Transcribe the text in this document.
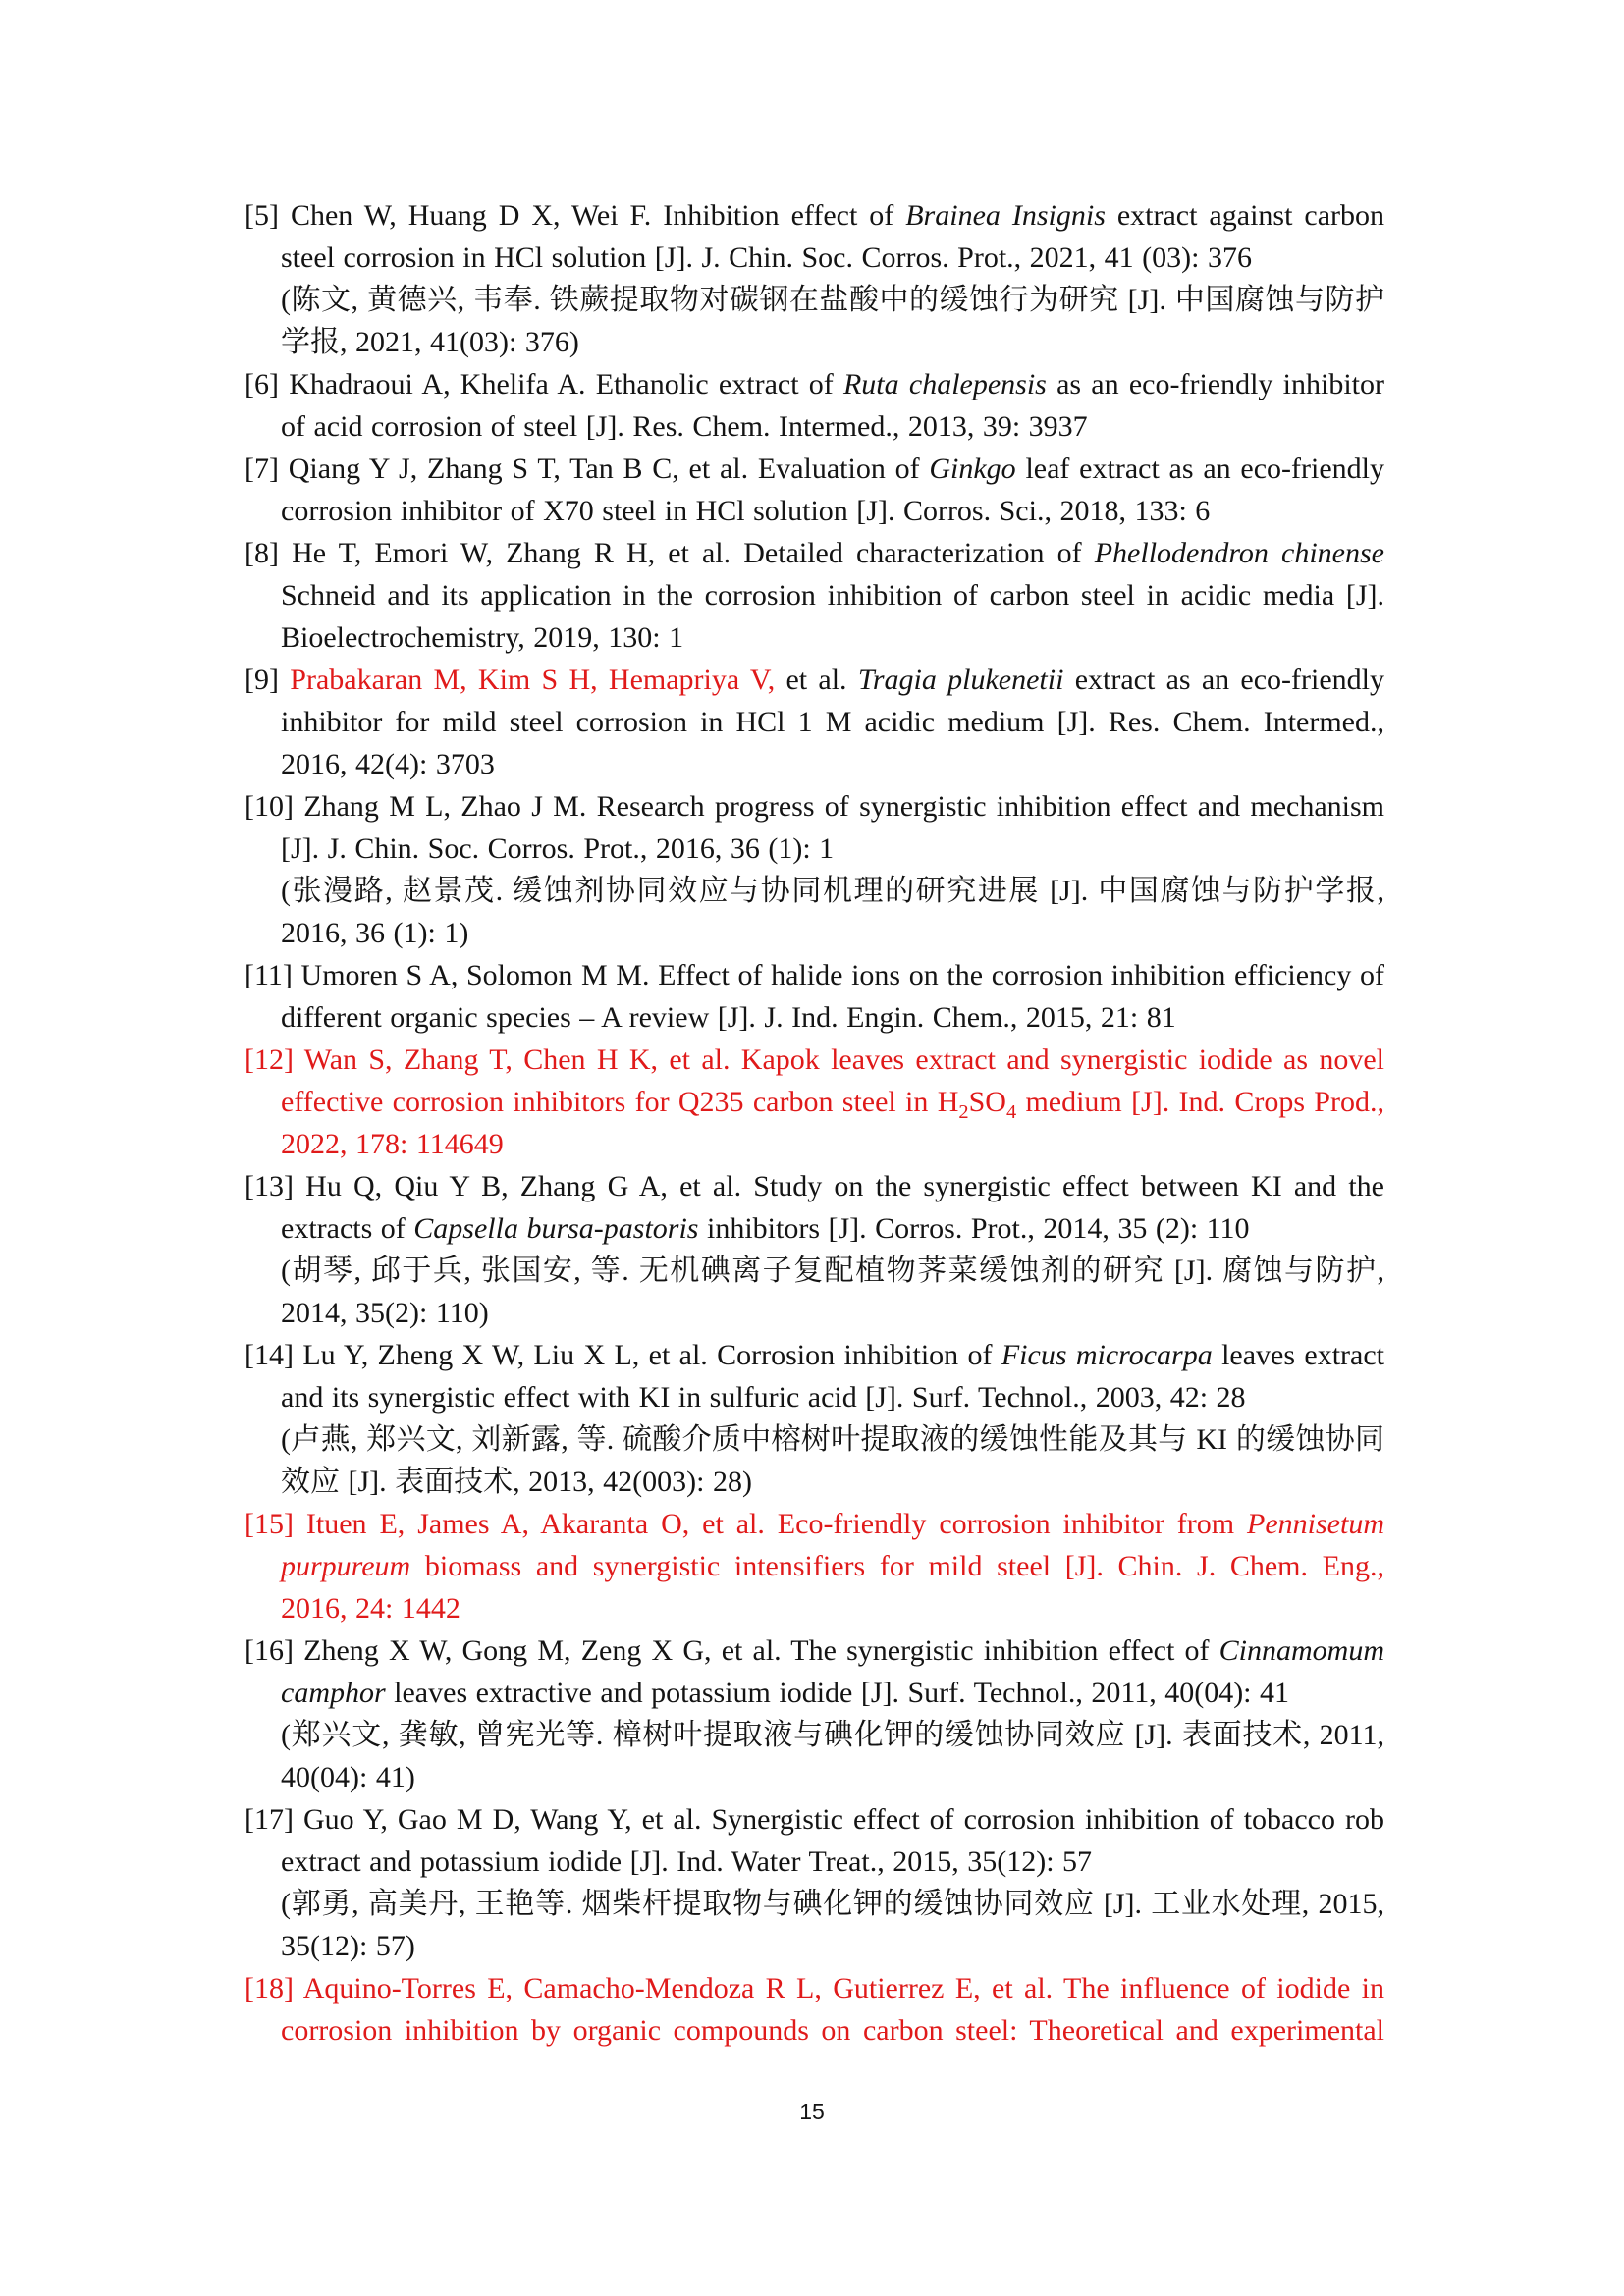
[5] Chen W, Huang D X, Wei F. Inhibition effect of Brainea Insignis extract against carbon steel corrosion in HCl solution [J]. J. Chin. Soc. Corros. Prot., 2021, 41 (03): 376
(陈文, 黄德兴, 韦奉. 铁蕨提取物对碳钢在盐酸中的缓蚀行为研究 [J]. 中国腐蚀与防护学报, 2021, 41(03): 376)

[6] Khadraoui A, Khelifa A. Ethanolic extract of Ruta chalepensis as an eco-friendly inhibitor of acid corrosion of steel [J]. Res. Chem. Intermed., 2013, 39: 3937

[7] Qiang Y J, Zhang S T, Tan B C, et al. Evaluation of Ginkgo leaf extract as an eco-friendly corrosion inhibitor of X70 steel in HCl solution [J]. Corros. Sci., 2018, 133: 6

[8] He T, Emori W, Zhang R H, et al. Detailed characterization of Phellodendron chinense Schneid and its application in the corrosion inhibition of carbon steel in acidic media [J]. Bioelectrochemistry, 2019, 130: 1

[9] Prabakaran M, Kim S H, Hemapriya V, et al. Tragia plukenetii extract as an eco-friendly inhibitor for mild steel corrosion in HCl 1 M acidic medium [J]. Res. Chem. Intermed., 2016, 42(4): 3703

[10] Zhang M L, Zhao J M. Research progress of synergistic inhibition effect and mechanism [J]. J. Chin. Soc. Corros. Prot., 2016, 36 (1): 1
(张漫路, 赵景茂. 缓蚀剂协同效应与协同机理的研究进展 [J]. 中国腐蚀与防护学报, 2016, 36 (1): 1)

[11] Umoren S A, Solomon M M. Effect of halide ions on the corrosion inhibition efficiency of different organic species – A review [J]. J. Ind. Engin. Chem., 2015, 21: 81

[12] Wan S, Zhang T, Chen H K, et al. Kapok leaves extract and synergistic iodide as novel effective corrosion inhibitors for Q235 carbon steel in $H_2SO_4$ medium [J]. Ind. Crops Prod., 2022, 178: 114649

[13] Hu Q, Qiu Y B, Zhang G A, et al. Study on the synergistic effect between KI and the extracts of Capsella bursa-pastoris inhibitors [J]. Corros. Prot., 2014, 35 (2): 110
(胡琴, 邱于兵, 张国安, 等. 无机碘离子复配植物荠菜缓蚀剂的研究 [J]. 腐蚀与防护, 2014, 35(2): 110)

[14] Lu Y, Zheng X W, Liu X L, et al. Corrosion inhibition of Ficus microcarpa leaves extract and its synergistic effect with KI in sulfuric acid [J]. Surf. Technol., 2003, 42: 28
(卢燕, 郑兴文, 刘新露, 等. 硫酸介质中榕树叶提取液的缓蚀性能及其与 KI 的缓蚀协同效应 [J]. 表面技术, 2013, 42(003): 28)

[15] Ituen E, James A, Akaranta O, et al. Eco-friendly corrosion inhibitor from Pennisetum purpureum biomass and synergistic intensifiers for mild steel [J]. Chin. J. Chem. Eng., 2016, 24: 1442

[16] Zheng X W, Gong M, Zeng X G, et al. The synergistic inhibition effect of Cinnamomum camphor leaves extractive and potassium iodide [J]. Surf. Technol., 2011, 40(04): 41
(郑兴文, 龚敏, 曾宪光等. 樟树叶提取液与碘化钾的缓蚀协同效应 [J]. 表面技术, 2011, 40(04): 41)

[17] Guo Y, Gao M D, Wang Y, et al. Synergistic effect of corrosion inhibition of tobacco rob extract and potassium iodide [J]. Ind. Water Treat., 2015, 35(12): 57
(郭勇, 高美丹, 王艳等. 烟柴杆提取物与碘化钾的缓蚀协同效应 [J]. 工业水处理, 2015, 35(12): 57)

[18] Aquino-Torres E, Camacho-Mendoza R L, Gutierrez E, et al. The influence of iodide in corrosion inhibition by organic compounds on carbon steel: Theoretical and experimental

15
